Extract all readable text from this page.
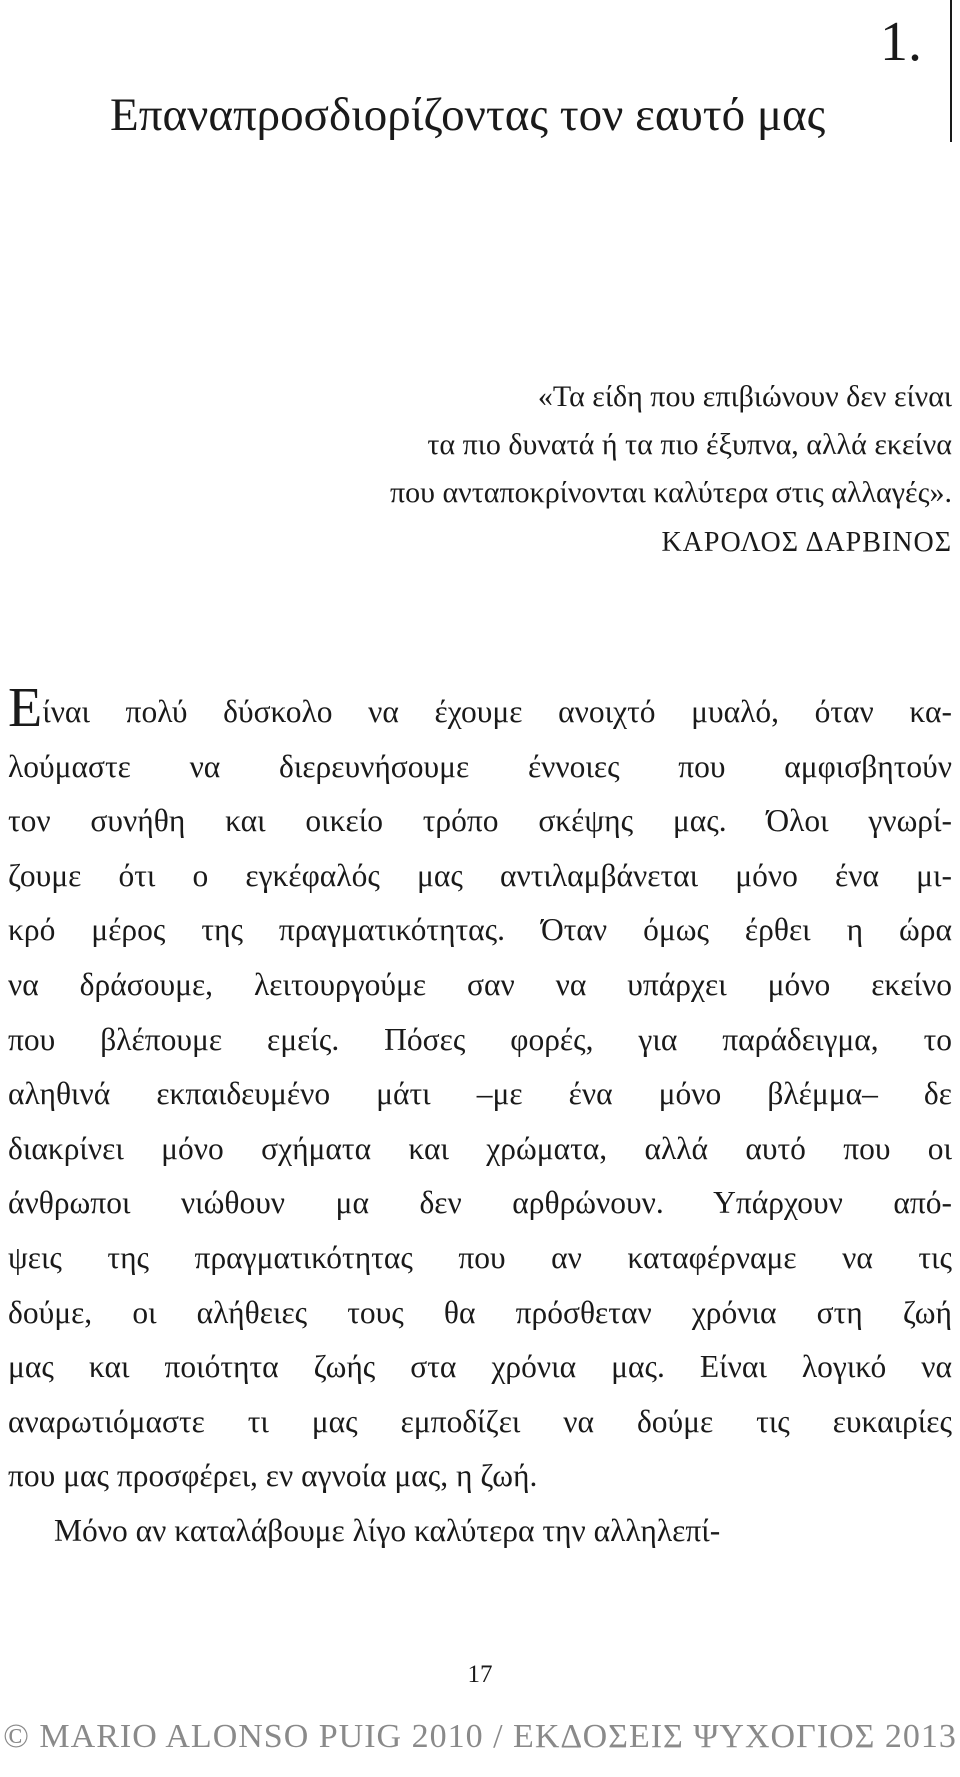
1.
Επαναπροσδιορίζοντας τον εαυτό μας
«Τα είδη που επιβιώνουν δεν είναι
τα πιο δυνατά ή τα πιο έξυπνα, αλλά εκείνα
που ανταποκρίνονται καλύτερα στις αλλαγές».
ΚΑΡΟΛΟΣ ΔΑΡΒΙΝΟΣ
Είναι πολύ δύσκολο να έχουμε ανοιχτό μυαλό, όταν κα-
λούμαστε να διερευνήσουμε έννοιες που αμφισβητούν
τον συνήθη και οικείο τρόπο σκέψης μας. Όλοι γνωρί-
ζουμε ότι ο εγκέφαλός μας αντιλαμβάνεται μόνο ένα μι-
κρό μέρος της πραγματικότητας. Όταν όμως έρθει η ώρα
να δράσουμε, λειτουργούμε σαν να υπάρχει μόνο εκείνο
που βλέπουμε εμείς. Πόσες φορές, για παράδειγμα, το
αληθινά εκπαιδευμένο μάτι –με ένα μόνο βλέμμα– δε
διακρίνει μόνο σχήματα και χρώματα, αλλά αυτό που οι
άνθρωποι νιώθουν μα δεν αρθρώνουν. Υπάρχουν από-
ψεις της πραγματικότητας που αν καταφέρναμε να τις
δούμε, οι αλήθειες τους θα πρόσθεταν χρόνια στη ζωή
μας και ποιότητα ζωής στα χρόνια μας. Είναι λογικό να
αναρωτιόμαστε τι μας εμποδίζει να δούμε τις ευκαιρίες
που μας προσφέρει, εν αγνοία μας, η ζωή.
Μόνο αν καταλάβουμε λίγο καλύτερα την αλληλεπί-
17
© MARIO ALONSO PUIG 2010 / ΕΚΔΟΣΕΙΣ ΨΥΧΟΓΙΟΣ 2013
